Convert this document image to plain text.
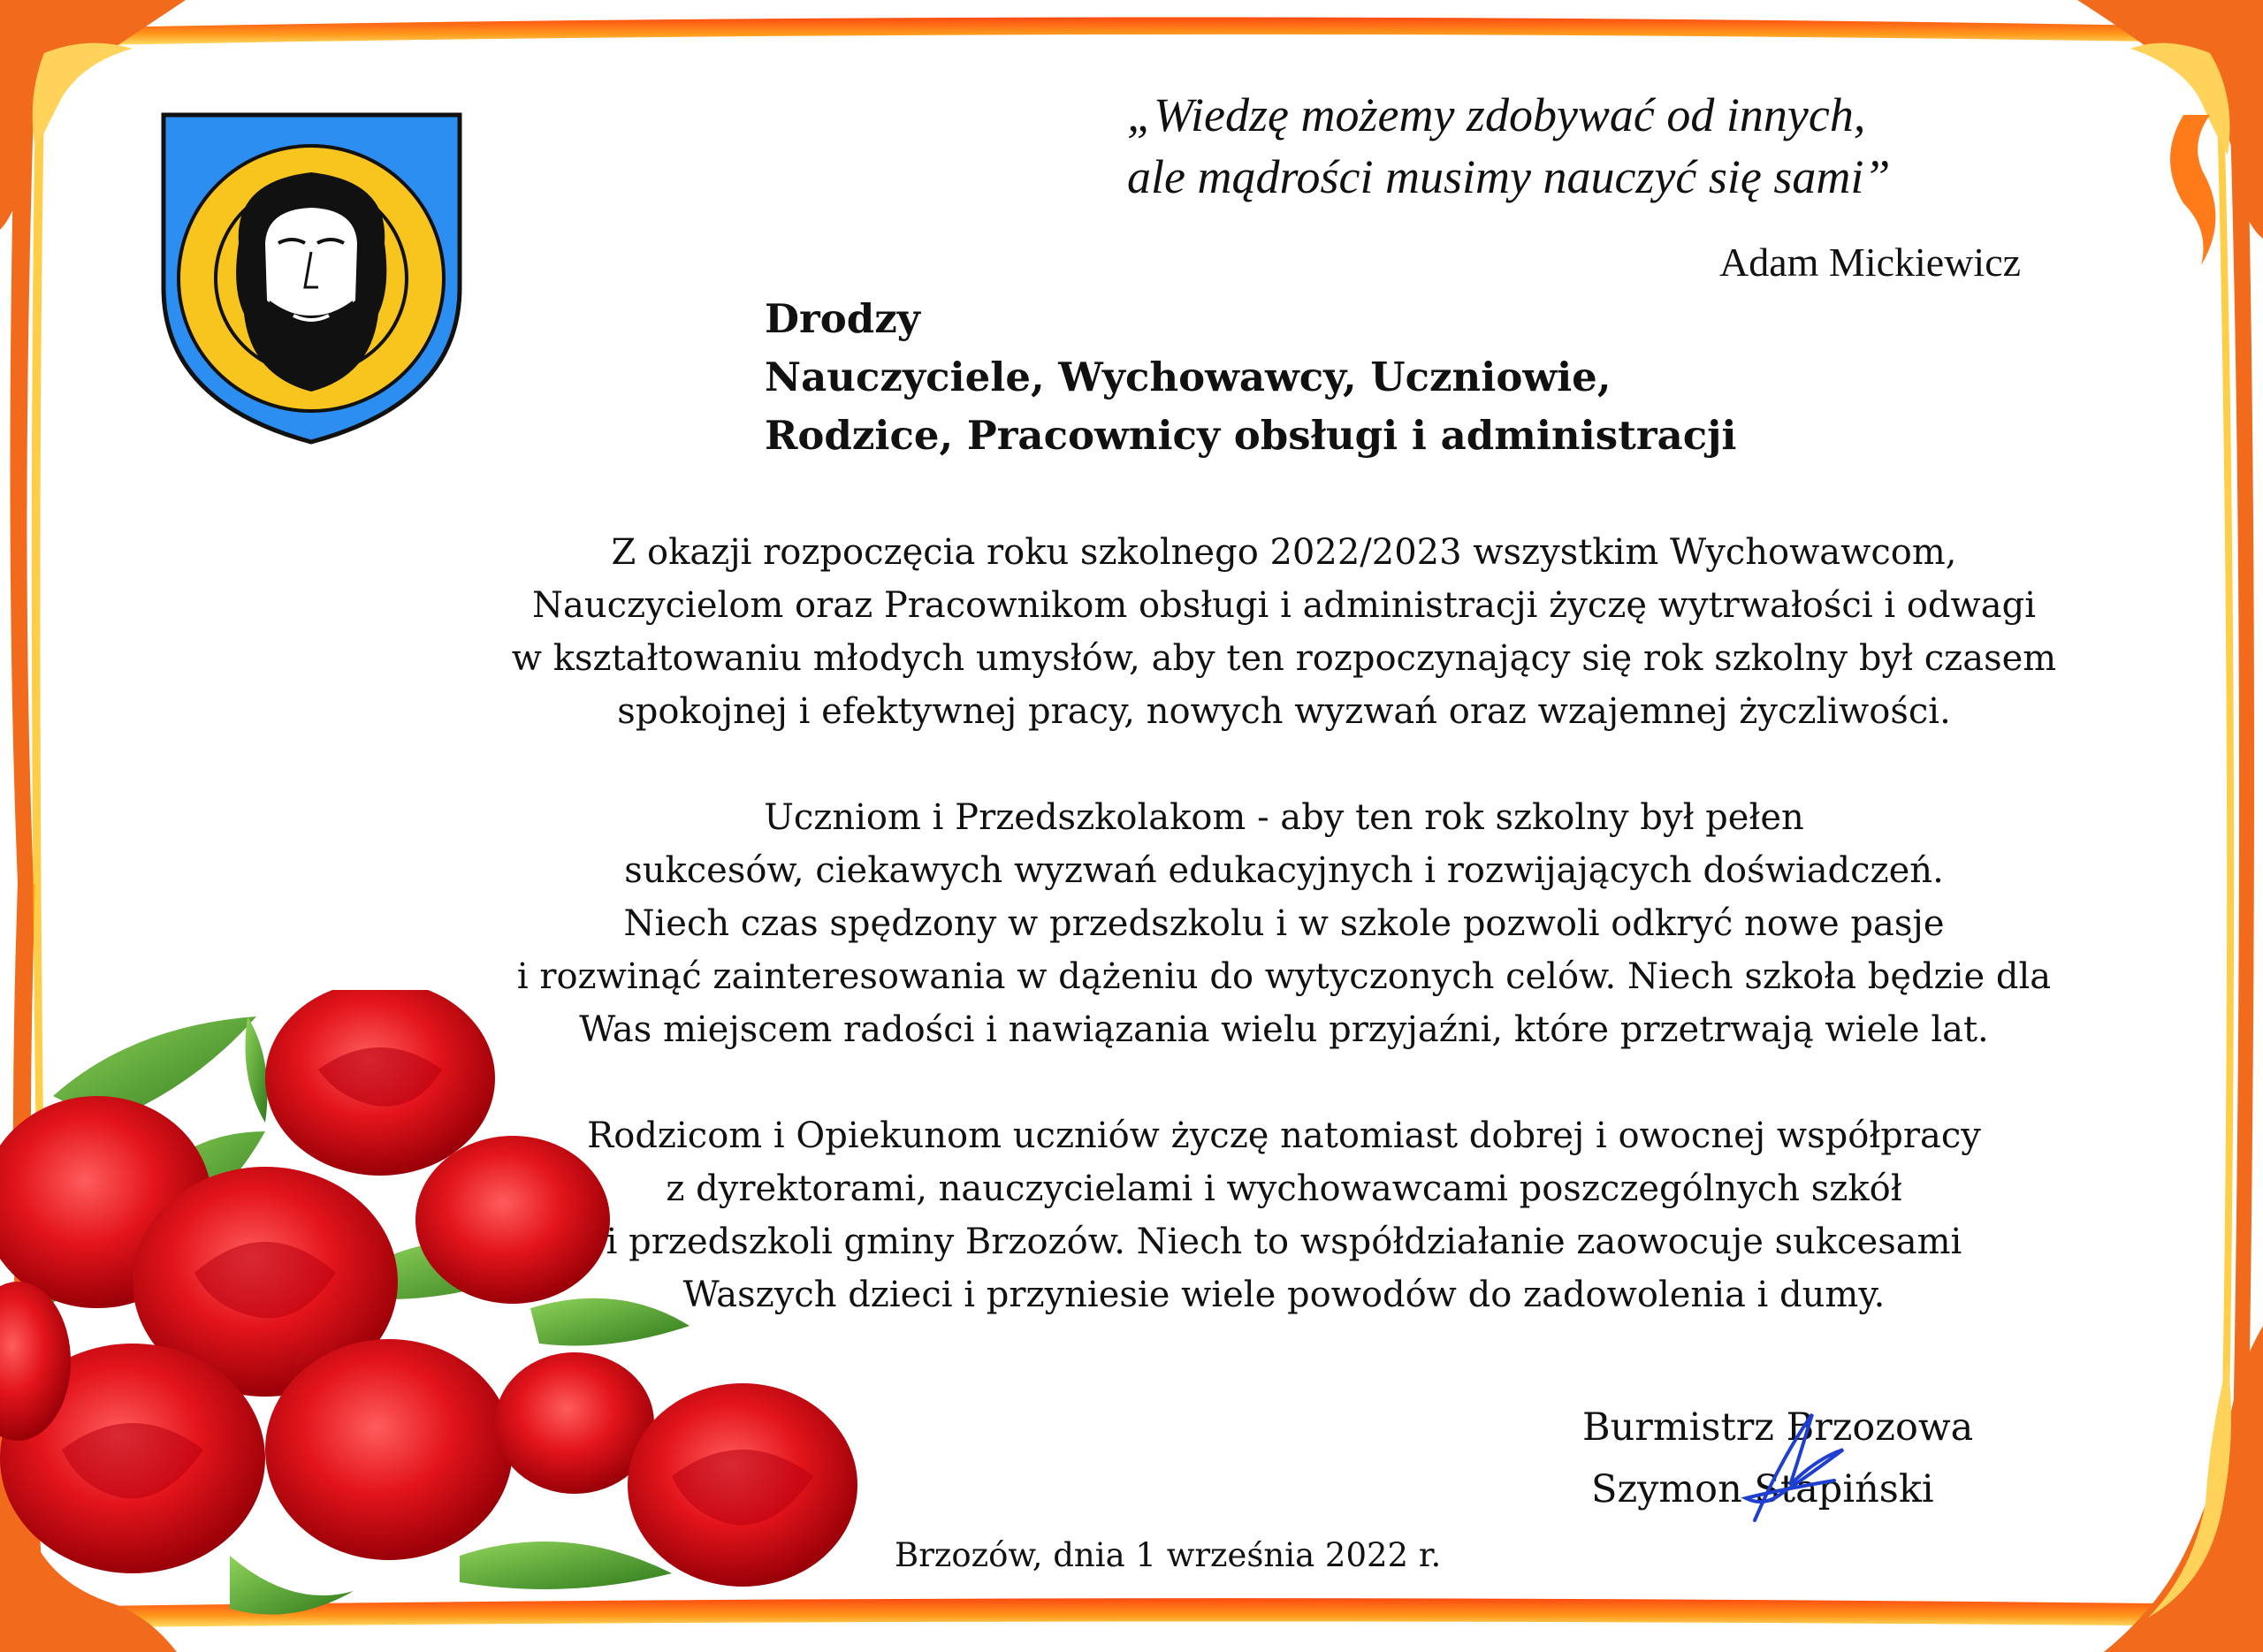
„Wiedzę możemy zdobywać od innych,
ale mądrości musimy nauczyć się sami”
Adam Mickiewicz
Drodzy
Nauczyciele, Wychowawcy, Uczniowie,
Rodzice, Pracownicy obsługi i administracji
Z okazji rozpoczęcia roku szkolnego 2022/2023 wszystkim Wychowawcom,
Nauczycielom oraz Pracownikom obsługi i administracji życzę wytrwałości i odwagi
w kształtowaniu młodych umysłów, aby ten rozpoczynający się rok szkolny był czasem
spokojnej i efektywnej pracy, nowych wyzwań oraz wzajemnej życzliwości.
Uczniom i Przedszkolakom - aby ten rok szkolny był pełen
sukcesów, ciekawych wyzwań edukacyjnych i rozwijających doświadczeń.
Niech czas spędzony w przedszkolu i w szkole pozwoli odkryć nowe pasje
i rozwinąć zainteresowania w dążeniu do wytyczonych celów. Niech szkoła będzie dla
Was miejscem radości i nawiązania wielu przyjaźni, które przetrwają wiele lat.
Rodzicom i Opiekunom uczniów życzę natomiast dobrej i owocnej współpracy
z dyrektorami, nauczycielami i wychowawcami poszczególnych szkół
i przedszkoli gminy Brzozów. Niech to współdziałanie zaowocuje sukcesami
Waszych dzieci i przyniesie wiele powodów do zadowolenia i dumy.
Burmistrz Brzozowa
Szymon Stapiński
Brzozów, dnia 1 września 2022 r.
